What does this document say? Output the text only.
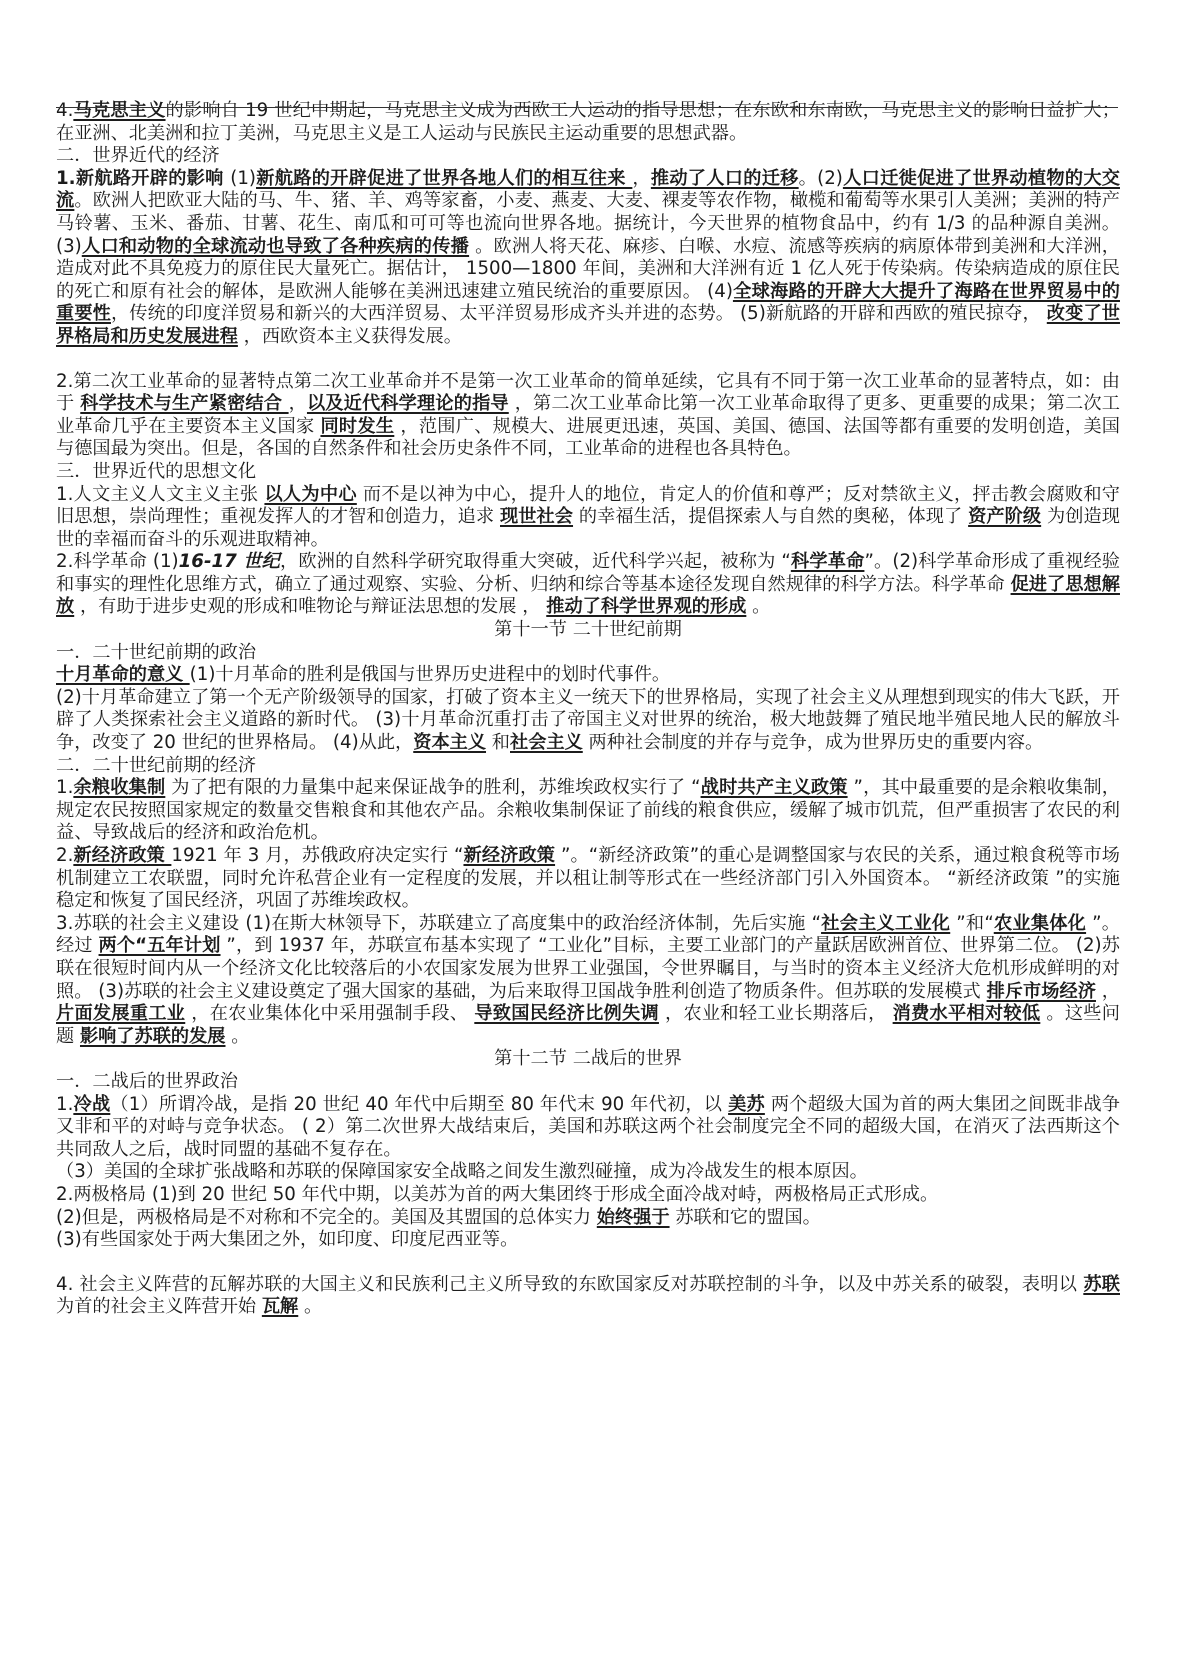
4.马克思主义的影响自 19 世纪中期起，马克思主义成为西欧工人运动的指导思想；在东欧和东南欧，马克思主义的影响日益扩大；在亚洲、北美洲和拉丁美洲，马克思主义是工人运动与民族民主运动重要的思想武器。

二．世界近代的经济

1.新航路开辟的影响 (1)新航路的开辟促进了世界各地人们的相互往来 ，推动了人口的迁移。(2)人口迁徙促进了世界动植物的大交流。欧洲人把欧亚大陆的马、牛、猪、羊、鸡等家畜，小麦、燕麦、大麦、裸麦等农作物，橄榄和葡萄等水果引人美洲；美洲的特产马铃薯、玉米、番茄、甘薯、花生、南瓜和可可等也流向世界各地。据统计，今天世界的植物食品中，约有 1/3 的品种源自美洲。 (3)人口和动物的全球流动也导致了各种疾病的传播 。欧洲人将天花、麻疹、白喉、水痘、流感等疾病的病原体带到美洲和大洋洲，造成对此不具免疫力的原住民大量死亡。据估计， 1500—1800 年间，美洲和大洋洲有近 1 亿人死于传染病。传染病造成的原住民的死亡和原有社会的解体，是欧洲人能够在美洲迅速建立殖民统治的重要原因。 (4)全球海路的开辟大大提升了海路在世界贸易中的重要性，传统的印度洋贸易和新兴的大西洋贸易、太平洋贸易形成齐头并进的态势。 (5)新航路的开辟和西欧的殖民掠夺， 改变了世界格局和历史发展进程 ，西欧资本主义获得发展。

2.第二次工业革命的显著特点第二次工业革命并不是第一次工业革命的简单延续，它具有不同于第一次工业革命的显著特点，如：由于 科学技术与生产紧密结合 ，以及近代科学理论的指导 ，第二次工业革命比第一次工业革命取得了更多、更重要的成果；第二次工业革命几乎在主要资本主义国家 同时发生 ，范围广、规模大、进展更迅速，英国、美国、德国、法国等都有重要的发明创造，美国与德国最为突出。但是，各国的自然条件和社会历史条件不同，工业革命的进程也各具特色。

三．世界近代的思想文化

1.人文主义人文主义主张 以人为中心 而不是以神为中心，提升人的地位，肯定人的价值和尊严；反对禁欲主义，抨击教会腐败和守旧思想，崇尚理性；重视发挥人的才智和创造力，追求 现世社会 的幸福生活，提倡探索人与自然的奥秘，体现了 资产阶级 为创造现世的幸福而奋斗的乐观进取精神。

2.科学革命 (1)16-17 世纪，欧洲的自然科学研究取得重大突破，近代科学兴起，被称为 “科学革命”。(2)科学革命形成了重视经验和事实的理性化思维方式，确立了通过观察、实验、分析、归纳和综合等基本途径发现自然规律的科学方法。科学革命 促进了思想解放 ，有助于进步史观的形成和唯物论与辩证法思想的发展 ， 推动了科学世界观的形成 。

第十一节 二十世纪前期

一．二十世纪前期的政治

十月革命的意义 (1)十月革命的胜利是俄国与世界历史进程中的划时代事件。

(2)十月革命建立了第一个无产阶级领导的国家，打破了资本主义一统天下的世界格局，实现了社会主义从理想到现实的伟大飞跃，开辟了人类探索社会主义道路的新时代。 (3)十月革命沉重打击了帝国主义对世界的统治，极大地鼓舞了殖民地半殖民地人民的解放斗争，改变了 20 世纪的世界格局。 (4)从此，资本主义 和社会主义 两种社会制度的并存与竞争，成为世界历史的重要内容。

二．二十世纪前期的经济

1.余粮收集制 为了把有限的力量集中起来保证战争的胜利，苏维埃政权实行了 “战时共产主义政策 ”，其中最重要的是余粮收集制，规定农民按照国家规定的数量交售粮食和其他农产品。余粮收集制保证了前线的粮食供应，缓解了城市饥荒，但严重损害了农民的利益、导致战后的经济和政治危机。

2.新经济政策 1921 年 3 月，苏俄政府决定实行 “新经济政策 ”。“新经济政策”的重心是调整国家与农民的关系，通过粮食税等市场机制建立工农联盟，同时允许私营企业有一定程度的发展，并以租让制等形式在一些经济部门引入外国资本。 “新经济政策 ”的实施稳定和恢复了国民经济，巩固了苏维埃政权。

3.苏联的社会主义建设 (1)在斯大林领导下，苏联建立了高度集中的政治经济体制，先后实施 “社会主义工业化 ”和“农业集体化 ”。经过 两个“五年计划 ”，到 1937 年，苏联宣布基本实现了 “工业化”目标，主要工业部门的产量跃居欧洲首位、世界第二位。 (2)苏联在很短时间内从一个经济文化比较落后的小农国家发展为世界工业强国，令世界瞩目，与当时的资本主义经济大危机形成鲜明的对照。 (3)苏联的社会主义建设奠定了强大国家的基础，为后来取得卫国战争胜利创造了物质条件。但苏联的发展模式 排斥市场经济 ，片面发展重工业 ，在农业集体化中采用强制手段、 导致国民经济比例失调 ，农业和轻工业长期落后， 消费水平相对较低 。这些问题 影响了苏联的发展 。

第十二节 二战后的世界

一．二战后的世界政治

1.冷战（1）所谓冷战，是指 20 世纪 40 年代中后期至 80 年代末 90 年代初，以 美苏 两个超级大国为首的两大集团之间既非战争又非和平的对峙与竞争状态。 ( 2）第二次世界大战结束后，美国和苏联这两个社会制度完全不同的超级大国，在消灭了法西斯这个共同敌人之后，战时同盟的基础不复存在。

（3）美国的全球扩张战略和苏联的保障国家安全战略之间发生激烈碰撞，成为冷战发生的根本原因。

2.两极格局 (1)到 20 世纪 50 年代中期，以美苏为首的两大集团终于形成全面冷战对峙，两极格局正式形成。

(2)但是，两极格局是不对称和不完全的。美国及其盟国的总体实力 始终强于 苏联和它的盟国。

(3)有些国家处于两大集团之外，如印度、印度尼西亚等。

4. 社会主义阵营的瓦解苏联的大国主义和民族利己主义所导致的东欧国家反对苏联控制的斗争，以及中苏关系的破裂，表明以 苏联 为首的社会主义阵营开始 瓦解 。
